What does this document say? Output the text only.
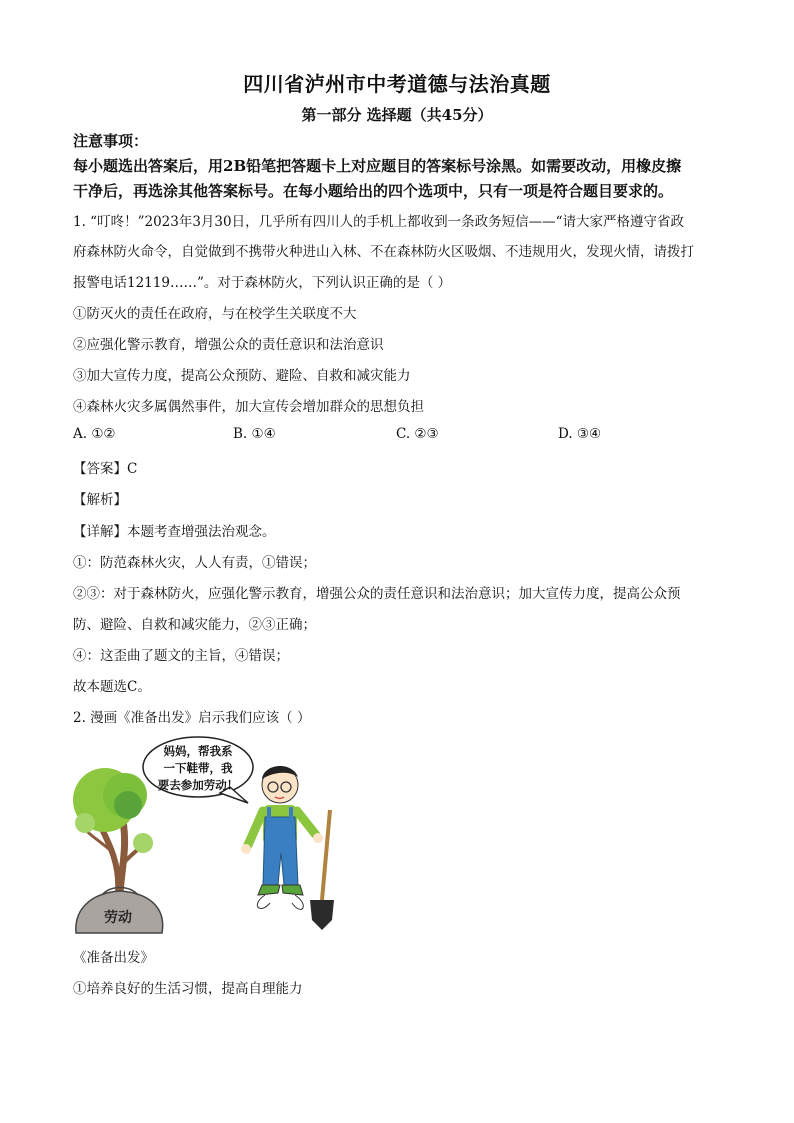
四川省泸州市中考道德与法治真题
第一部分 选择题（共45分）
注意事项：
每小题选出答案后，用2B铅笔把答题卡上对应题目的答案标号涂黑。如需要改动，用橡皮擦
干净后，再选涂其他答案标号。在每小题给出的四个选项中，只有一项是符合题目要求的。
1. “叮咚！”2023年3月30日，几乎所有四川人的手机上都收到一条政务短信——“请大家严格遵守省政
府森林防火命令，自觉做到不携带火种进山入林、不在森林防火区吸烟、不违规用火，发现火情，请拨打
报警电话12119……”。对于森林防火，下列认识正确的是（ ）
①防灭火的责任在政府，与在校学生关联度不大
②应强化警示教育，增强公众的责任意识和法治意识
③加大宣传力度，提高公众预防、避险、自救和减灾能力
④森林火灾多属偶然事件，加大宣传会增加群众的思想负担
A. ①②	B. ①④	C. ②③	D. ③④
【答案】C
【解析】
【详解】本题考查增强法治观念。
①：防范森林火灾，人人有责，①错误；
②③：对于森林防火，应强化警示教育，增强公众的责任意识和法治意识；加大宣传力度，提高公众预
防、避险、自救和减灾能力，②③正确；
④：这歪曲了题文的主旨，④错误；
故本题选C。
2. 漫画《准备出发》启示我们应该（ ）
劳动
妈妈，帮我系
一下鞋带，我
要去参加劳动！
《准备出发》
①培养良好的生活习惯，提高自理能力
